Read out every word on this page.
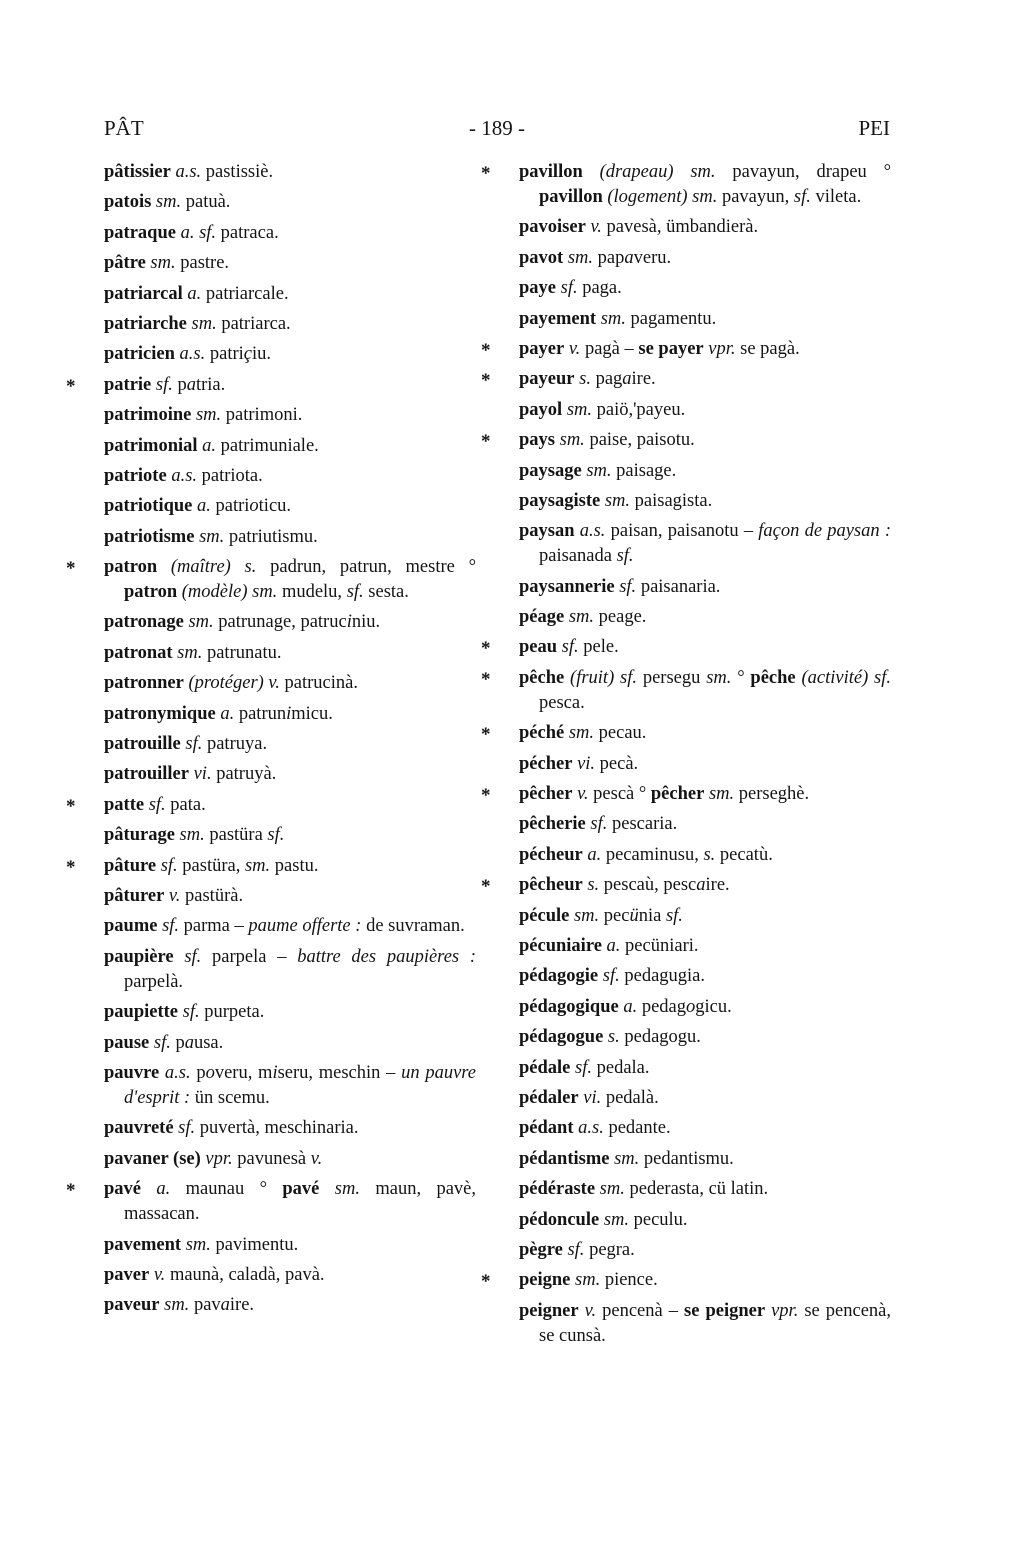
PÂT	- 189 -	PEI
pâtissier a.s. pastissiè.
patois sm. patuà.
patraque a. sf. patraca.
pâtre sm. pastre.
patriarcal a. patriarcale.
patriarche sm. patriarca.
patricien a.s. patriçiu.
* patrie sf. patria.
patrimoine sm. patrimoni.
patrimonial a. patrimuniale.
patriote a.s. patriota.
patriotique a. patrioticu.
patriotisme sm. patriutismu.
* patron (maître) s. padrun, patrun, mestre ° patron (modèle) sm. mudelu, sf. sesta.
patronage sm. patrunage, patruciniu.
patronat sm. patrunatu.
patronner (protéger) v. patrucinà.
patronymique a. patrunimicu.
patrouille sf. patruya.
patrouiller vi. patruyà.
* patte sf. pata.
pâturage sm. pastüra sf.
* pâture sf. pastüra, sm. pastu.
pâturer v. pastürà.
paume sf. parma – paume offerte : de suvraman.
paupière sf. parpela – battre des paupières : parpelà.
paupiette sf. purpeta.
pause sf. pausa.
pauvre a.s. poveru, miseru, meschin – un pauvre d'esprit : ün scemu.
pauvreté sf. puvertà, meschinaria.
pavaner (se) vpr. pavunesà v.
* pavé a. maunau ° pavé sm. maun, pavè, massacan.
pavement sm. pavimentu.
paver v. maunà, caladà, pavà.
paveur sm. pavaire.
* pavillon (drapeau) sm. pavayun, drapeu ° pavillon (logement) sm. pavayun, sf. vileta.
pavoiser v. pavesà, ümbandierà.
pavot sm. papaveru.
paye sf. paga.
payement sm. pagamentu.
* payer v. pagà – se payer vpr. se pagà.
* payeur s. pagaire.
payol sm. paiö,'payeu.
* pays sm. paise, paisotu.
paysage sm. paisage.
paysagiste sm. paisagista.
paysan a.s. paisan, paisanotu – façon de paysan : paisanada sf.
paysannerie sf. paisanaria.
péage sm. peage.
* peau sf. pele.
* pêche (fruit) sf. persegu sm. ° pêche (activité) sf. pesca.
* péché sm. pecau.
pécher vi. pecà.
* pêcher v. pescà ° pêcher sm. perseghè.
pêcherie sf. pescaria.
pécheur a. pecaminusu, s. pecatù.
* pêcheur s. pescaù, pescaire.
pécule sm. pecünia sf.
pécuniaire a. pecüniari.
pédagogie sf. pedagugia.
pédagogique a. pedagogicu.
pédagogue s. pedagogu.
pédale sf. pedala.
pédaler vi. pedalà.
pédant a.s. pedante.
pédantisme sm. pedantismu.
pédéraste sm. pederasta, cü latin.
pédoncule sm. peculu.
pègre sf. pegra.
* peigne sm. pience.
peigner v. pencenà – se peigner vpr. se pencenà, se cunsà.
